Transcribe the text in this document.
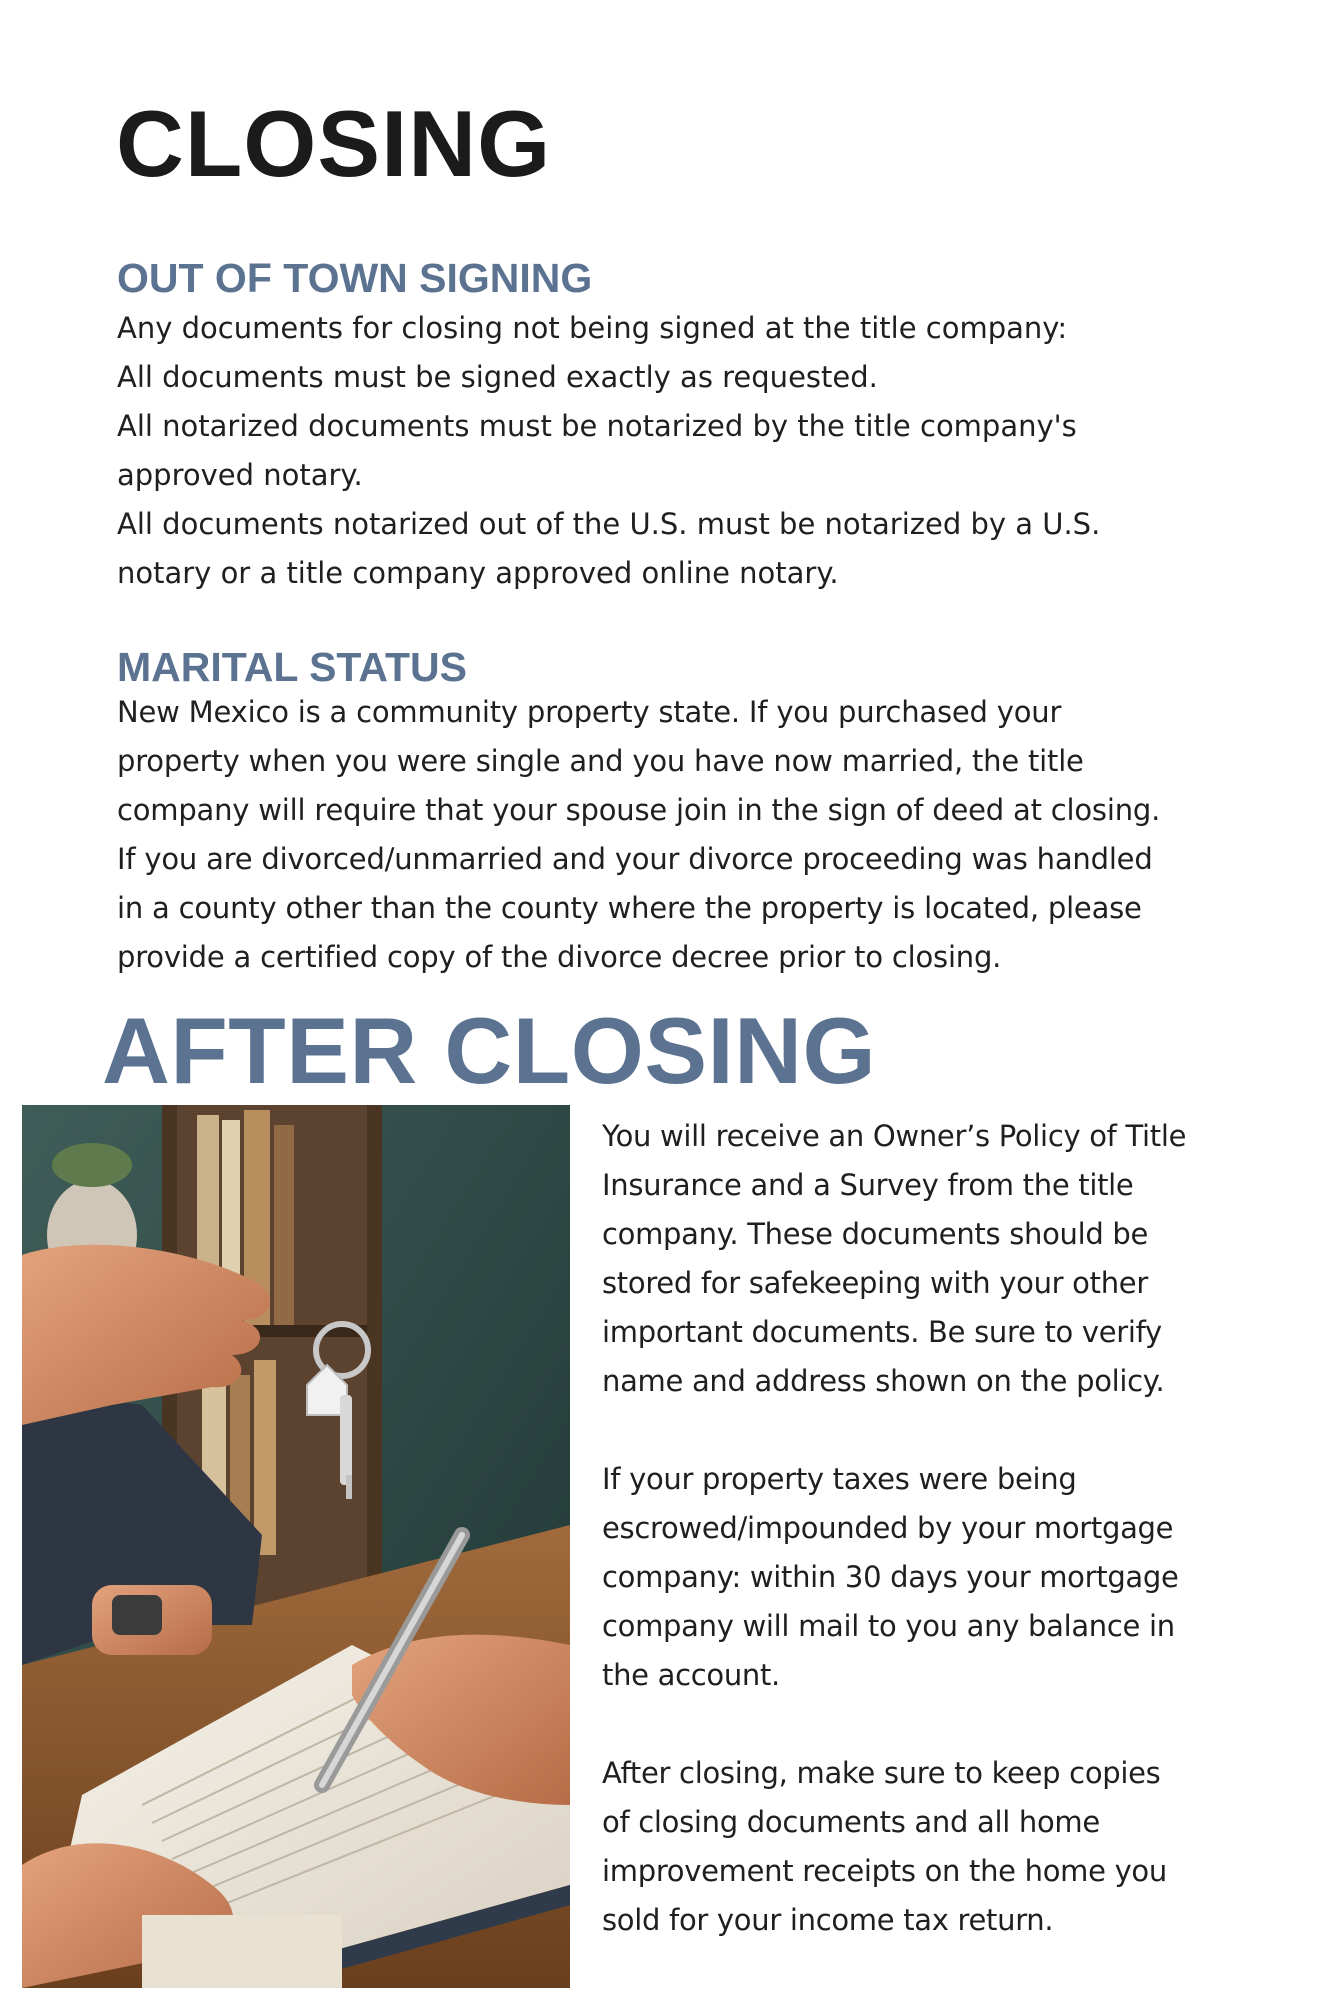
CLOSING
OUT OF TOWN SIGNING
Any documents for closing not being signed at the title company:
All documents must be signed exactly as requested.
All notarized documents must be notarized by the title company's
approved notary.
All documents notarized out of the U.S. must be notarized by a U.S.
notary or a title company approved online notary.
MARITAL STATUS
New Mexico is a community property state. If you purchased your
property when you were single and you have now married, the title
company will require that your spouse join in the sign of deed at closing.
If you are divorced/unmarried and your divorce proceeding was handled
in a county other than the county where the property is located, please
provide a certified copy of the divorce decree prior to closing.
AFTER CLOSING
You will receive an Owner’s Policy of Title
Insurance and a Survey from the title
company. These documents should be
stored for safekeeping with your other
important documents. Be sure to verify
name and address shown on the policy.
If your property taxes were being
escrowed/impounded by your mortgage
company: within 30 days your mortgage
company will mail to you any balance in
the account.
After closing, make sure to keep copies
of closing documents and all home
improvement receipts on the home you
sold for your income tax return.
